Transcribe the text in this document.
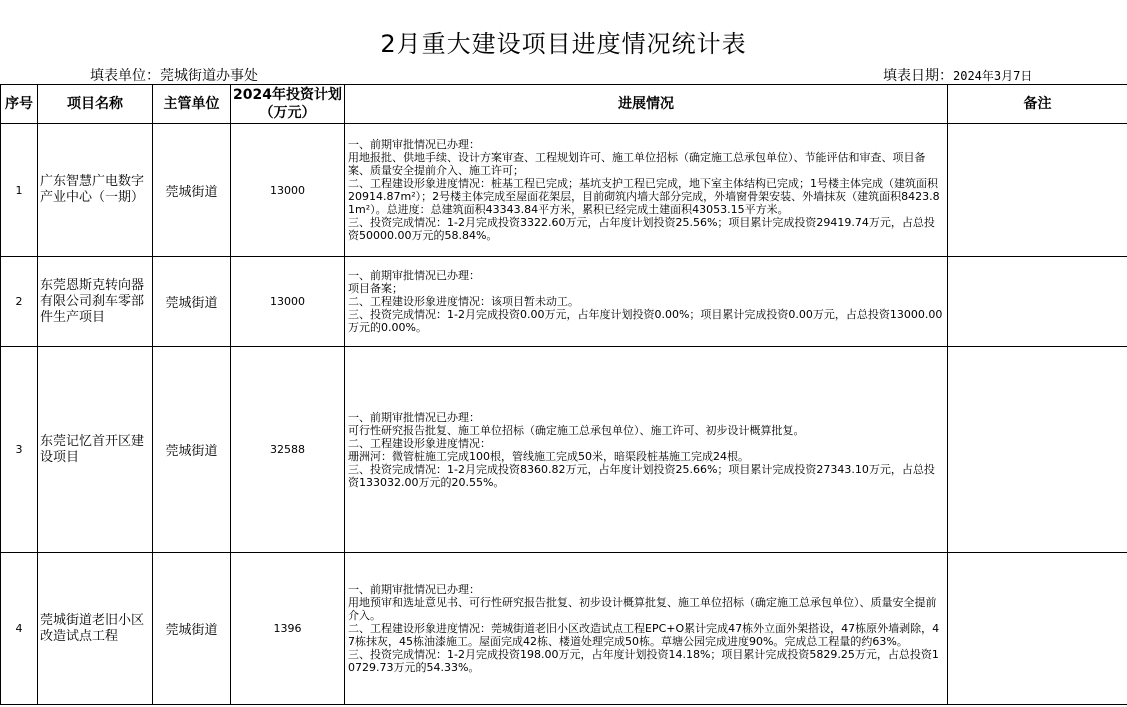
2月重大建设项目进度情况统计表
填表单位：莞城街道办事处	填表日期：2024年3月7日
序号	项目名称	主管单位	2024年投资计划（万元）	进展情况	备注
1	广东智慧广电数字产业中心（一期）	莞城街道	13000	一、前期审批情况已办理：
用地报批、供地手续、设计方案审查、工程规划许可、施工单位招标（确定施工总承包单位）、节能评估和审查、项目备案、质量安全提前介入、施工许可；
二、工程建设形象进度情况：桩基工程已完成；基坑支护工程已完成，地下室主体结构已完成；1号楼主体完成（建筑面积20914.87m²）；2号楼主体完成至屋面花架层，目前砌筑内墙大部分完成，外墙窗骨架安装、外墙抹灰（建筑面积8423.81m²）。总进度：总建筑面积43343.84平方米，累积已经完成土建面积43053.15平方米。
三、投资完成情况：1-2月完成投资3322.60万元，占年度计划投资25.56%；项目累计完成投资29419.74万元，占总投资50000.00万元的58.84%。	

2	东莞恩斯克转向器有限公司刹车零部件生产项目	莞城街道	13000	一、前期审批情况已办理：
项目备案；
二、工程建设形象进度情况：该项目暂未动工。
三、投资完成情况：1-2月完成投资0.00万元，占年度计划投资0.00%；项目累计完成投资0.00万元，占总投资13000.00万元的0.00%。	

3	东莞记忆首开区建设项目	莞城街道	32588	一、前期审批情况已办理：
可行性研究报告批复、施工单位招标（确定施工总承包单位）、施工许可、初步设计概算批复。
二、工程建设形象进度情况：
珊洲河：微管桩施工完成100根，管线施工完成50米，暗渠段桩基施工完成24根。
三、投资完成情况：1-2月完成投资8360.82万元，占年度计划投资25.66%；项目累计完成投资27343.10万元，占总投资133032.00万元的20.55%。	

4	莞城街道老旧小区改造试点工程	莞城街道	1396	一、前期审批情况已办理：
用地预审和选址意见书、可行性研究报告批复、初步设计概算批复、施工单位招标（确定施工总承包单位）、质量安全提前介入。
二、工程建设形象进度情况：莞城街道老旧小区改造试点工程EPC+O累计完成47栋外立面外架搭设，47栋原外墙剥除，47栋抹灰，45栋油漆施工。屋面完成42栋、楼道处理完成50栋。草塘公园完成进度90%。完成总工程量的约63%。
三、投资完成情况：1-2月完成投资198.00万元，占年度计划投资14.18%；项目累计完成投资5829.25万元，占总投资10729.73万元的54.33%。	
